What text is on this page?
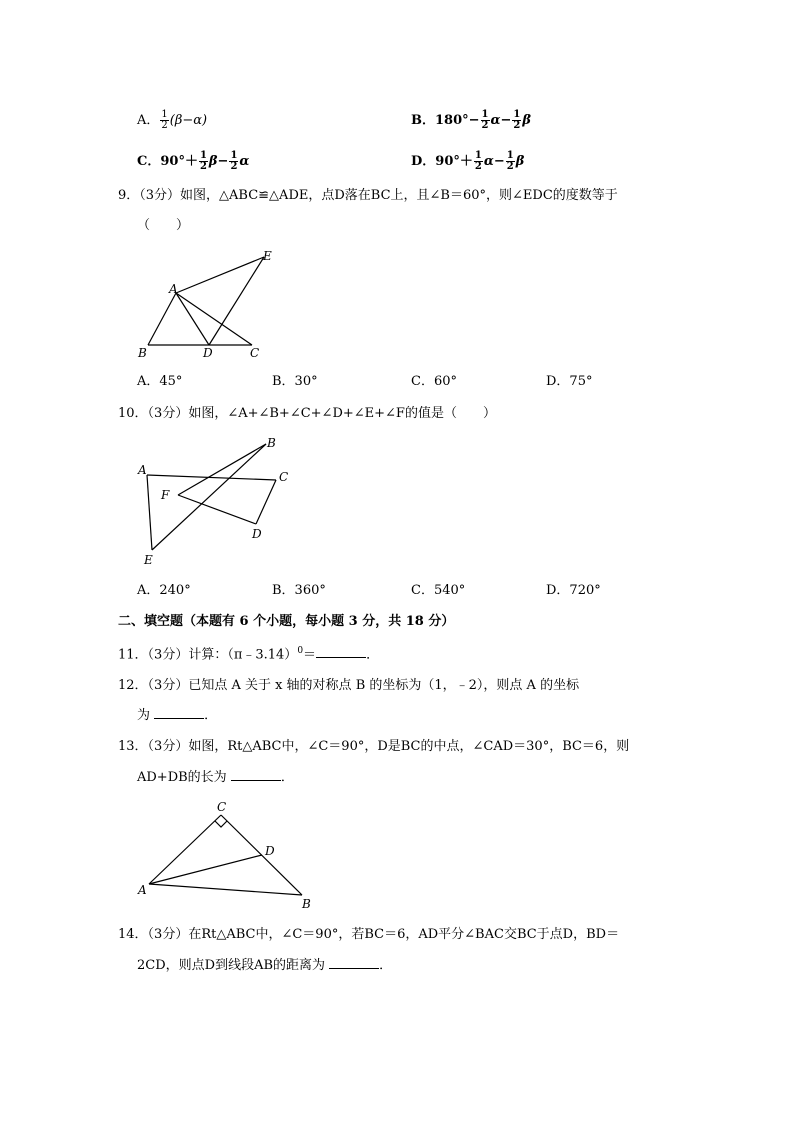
A． $\frac{1}{2} (\beta-\alpha)$	B．$180^\circ- \frac{1}{2} \alpha- \frac{1}{2}$ β
C．$90^\circ+ \frac{1}{2} \beta- \frac{1}{2}$ α	D．$90^\circ+ \frac{1}{2} \alpha- \frac{1}{2}$ β
9．（3分）如图，△ABC≌△ADE，点D落在BC上，且∠B＝60°，则∠EDC的度数等于
（　　）
A
B	C
D
E
A．45°	B．30°	C．60°	D．75°
10．（3分）如图，∠A+∠B+∠C+∠D+∠E+∠F的值是（　　）
A
B
C
D
E
F
A．240°	B．360°	C．540°	D．720°
二、填空题（本题有 6 个小题，每小题 3 分，共 18 分）
11．（3分）计算：（π﹣3.14）$^0$＝	．
12．（3分）已知点 A 关于 x 轴的对称点 B 的坐标为（1，﹣2），则点 A 的坐标
为	．
13．（3分）如图，Rt△ABC中，∠C＝90°，D是BC的中点，∠CAD＝30°，BC＝6，则
AD+DB的长为	．
C
A
B
D
14．（3分）在Rt△ABC中，∠C＝90°，若BC＝6，AD平分∠BAC交BC于点D，BD＝
2CD，则点D到线段AB的距离为	．
